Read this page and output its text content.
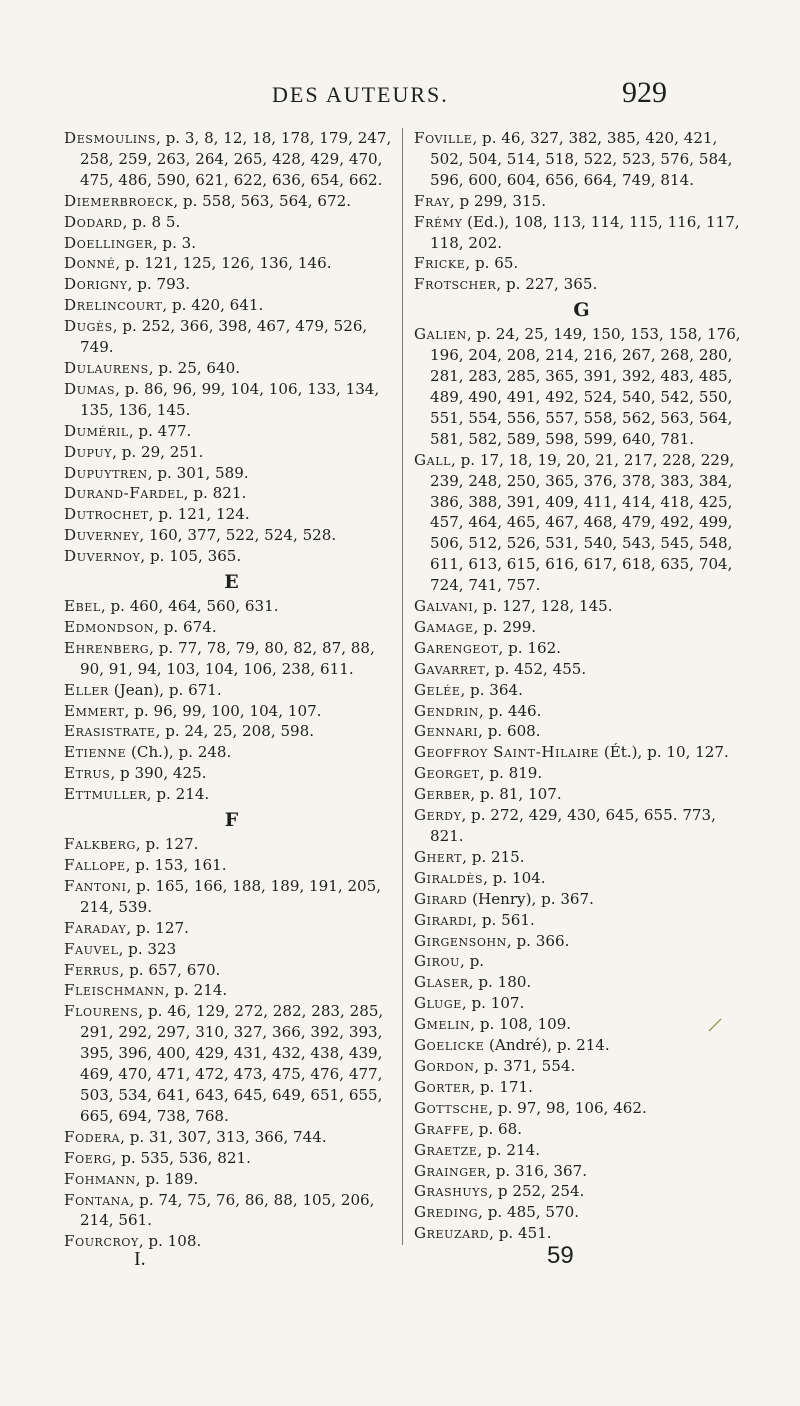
DES AUTEURS.	929
Desmoulins, p. 3, 8, 12, 18, 178, 179, 247, 258, 259, 263, 264, 265, 428, 429, 470, 475, 486, 590, 621, 622, 636, 654, 662.
Diemerbroeck, p. 558, 563, 564, 672.
Dodard, p. 8 5.
Doellinger, p. 3.
Donné, p. 121, 125, 126, 136, 146.
Dorigny, p. 793.
Drelincourt, p. 420, 641.
Dugès, p. 252, 366, 398, 467, 479, 526, 749.
Dulaurens, p. 25, 640.
Dumas, p. 86, 96, 99, 104, 106, 133, 134, 135, 136, 145.
Duméril, p. 477.
Dupuy, p. 29, 251.
Dupuytren, p. 301, 589.
Durand-Fardel, p. 821.
Dutrochet, p. 121, 124.
Duverney, 160, 377, 522, 524, 528.
Duvernoy, p. 105, 365.
E
Ebel, p. 460, 464, 560, 631.
Edmondson, p. 674.
Ehrenberg, p. 77, 78, 79, 80, 82, 87, 88, 90, 91, 94, 103, 104, 106, 238, 611.
Eller (Jean), p. 671.
Emmert, p. 96, 99, 100, 104, 107.
Erasistrate, p. 24, 25, 208, 598.
Etienne (Ch.), p. 248.
Etrus, p 390, 425.
Ettmuller, p. 214.
F
Falkberg, p. 127.
Fallope, p. 153, 161.
Fantoni, p. 165, 166, 188, 189, 191, 205, 214, 539.
Faraday, p. 127.
Fauvel, p. 323
Ferrus, p. 657, 670.
Fleischmann, p. 214.
Flourens, p. 46, 129, 272, 282, 283, 285, 291, 292, 297, 310, 327, 366, 392, 393, 395, 396, 400, 429, 431, 432, 438, 439, 469, 470, 471, 472, 473, 475, 476, 477, 503, 534, 641, 643, 645, 649, 651, 655, 665, 694, 738, 768.
Fodera, p. 31, 307, 313, 366, 744.
Foerg, p. 535, 536, 821.
Fohmann, p. 189.
Fontana, p. 74, 75, 76, 86, 88, 105, 206, 214, 561.
Fourcroy, p. 108.
Foville, p. 46, 327, 382, 385, 420, 421, 502, 504, 514, 518, 522, 523, 576, 584, 596, 600, 604, 656, 664, 749, 814.
Fray, p 299, 315.
Frémy (Ed.), 108, 113, 114, 115, 116, 117, 118, 202.
Fricke, p. 65.
Frotscher, p. 227, 365.
G
Galien, p. 24, 25, 149, 150, 153, 158, 176, 196, 204, 208, 214, 216, 267, 268, 280, 281, 283, 285, 365, 391, 392, 483, 485, 489, 490, 491, 492, 524, 540, 542, 550, 551, 554, 556, 557, 558, 562, 563, 564, 581, 582, 589, 598, 599, 640, 781.
Gall, p. 17, 18, 19, 20, 21, 217, 228, 229, 239, 248, 250, 365, 376, 378, 383, 384, 386, 388, 391, 409, 411, 414, 418, 425, 457, 464, 465, 467, 468, 479, 492, 499, 506, 512, 526, 531, 540, 543, 545, 548, 611, 613, 615, 616, 617, 618, 635, 704, 724, 741, 757.
Galvani, p. 127, 128, 145.
Gamage, p. 299.
Garengeot, p. 162.
Gavarret, p. 452, 455.
Gelée, p. 364.
Gendrin, p. 446.
Gennari, p. 608.
Geoffroy Saint-Hilaire (Ét.), p. 10, 127.
Georget, p. 819.
Gerber, p. 81, 107.
Gerdy, p. 272, 429, 430, 645, 655. 773, 821.
Ghert, p. 215.
Giraldès, p. 104.
Girard (Henry), p. 367.
Girardi, p. 561.
Girgensohn, p. 366.
Girou, p.
Glaser, p. 180.
Gluge, p. 107.
Gmelin, p. 108, 109.
Goelicke (André), p. 214.
Gordon, p. 371, 554.
Gorter, p. 171.
Gottsche, p. 97, 98, 106, 462.
Graffe, p. 68.
Graetze, p. 214.
Grainger, p. 316, 367.
Grashuys, p 252, 254.
Greding, p. 485, 570.
Greuzard, p. 451.
I.	59
